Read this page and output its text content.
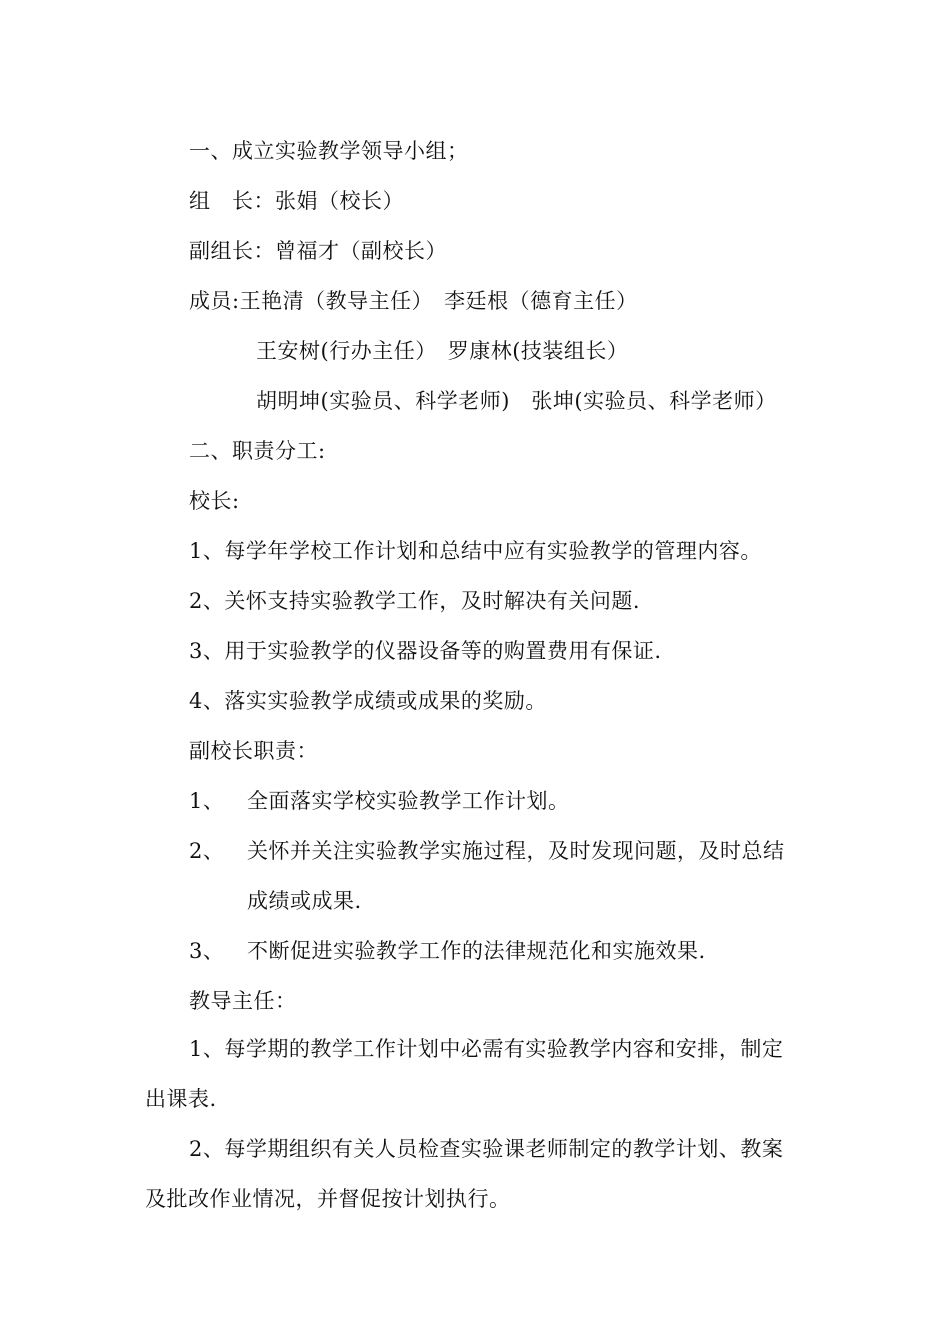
一、成立实验教学领导小组；
组　长：张娟（校长）
副组长：曾福才（副校长）
成员:王艳清（教导主任）　李廷根（德育主任）
王安树(行办主任）　罗康林(技装组长）
胡明坤(实验员、科学老师)　张坤(实验员、科学老师）
二、职责分工:
校长:
1、每学年学校工作计划和总结中应有实验教学的管理内容。
2、关怀支持实验教学工作，及时解决有关问题.
3、用于实验教学的仪器设备等的购置费用有保证.
4、落实实验教学成绩或成果的奖励。
副校长职责：
1、 全面落实学校实验教学工作计划。
2、 关怀并关注实验教学实施过程，及时发现问题，及时总结
成绩或成果.
3、 不断促进实验教学工作的法律规范化和实施效果.
教导主任：
1、每学期的教学工作计划中必需有实验教学内容和安排，制定
出课表.
2、每学期组织有关人员检查实验课老师制定的教学计划、教案
及批改作业情况，并督促按计划执行。
